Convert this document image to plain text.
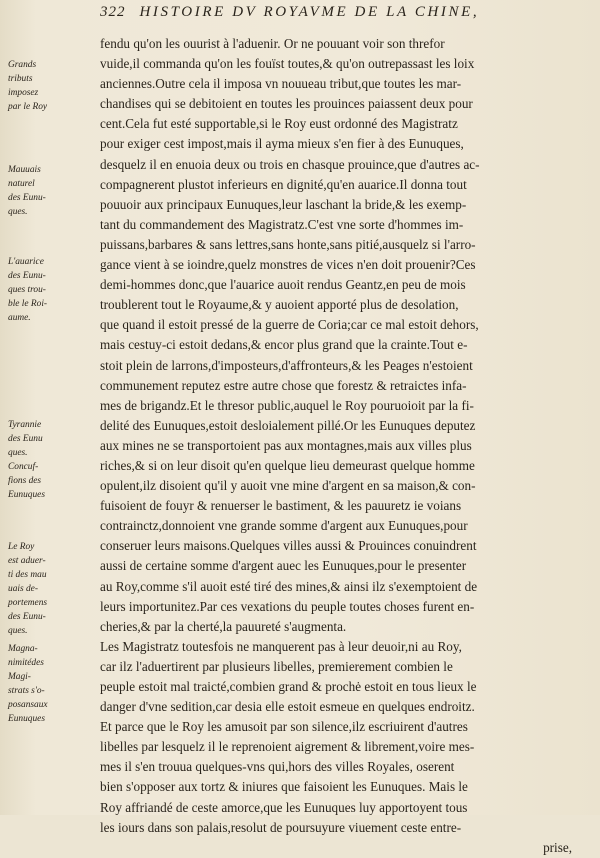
322 HISTOIRE DV ROYAVME DE LA CHINE,
Grands
tributs
imposez
par le Roy
Mauuais
naturel
des Eunu-
ques.
L'auarice
des Eunu-
ques trou-
ble le Roi-
aume.
Tyrannie
des Eunu
ques.
Concuf-
fions des
Eunuques
Le Roy
est aduer-
ti des mau
uais de-
portemens
des Eunu-
ques.
Magna-
nimitédes
Magi-
strats s'o-
posansaux
Eunuques
fendu qu'on les ouurist à l'aduenir. Or ne pouuant voir son threfor
vuide,il commanda qu'on les fouïst toutes,& qu'on outrepassast les loix
anciennes.Outre cela il imposa vn nouueau tribut,que toutes les mar-
chandises qui se debitoient en toutes les prouinces paiassent deux pour
cent.Cela fut esté supportable,si le Roy eust ordonné des Magistratz
pour exiger cest impost,mais il ayma mieux s'en fier à des Eunuques,
desquelz il en enuoia deux ou trois en chasque prouince,que d'autres ac-
compagnerent plustot inferieurs en dignité,qu'en auarice.Il donna tout
pouuoir aux principaux Eunuques,leur laschant la bride,& les exemp-
tant du commandement des Magistratz.C'est vne sorte d'hommes im-
puissans,barbares & sans lettres,sans honte,sans pitié,ausquelz si l'arro-
gance vient à se ioindre,quelz monstres de vices n'en doit prouenir?Ces
demi-hommes donc,que l'auarice auoit rendus Geantz,en peu de mois
troublerent tout le Royaume,& y auoient apporté plus de desolation,
que quand il estoit pressé de la guerre de Coria;car ce mal estoit dehors,
mais cestuy-ci estoit dedans,& encor plus grand que la crainte.Tout e-
stoit plein de larrons,d'imposteurs,d'affronteurs,& les Peages n'estoient
communement reputez estre autre chose que forestz & retraictes infa-
mes de brigandz.Et le thresor public,auquel le Roy pouruoioit par la fi-
delité des Eunuques,estoit desloialement pillé.Or les Eunuques deputez
aux mines ne se transportoient pas aux montagnes,mais aux villes plus
riches,& si on leur disoit qu'en quelque lieu demeurast quelque homme
opulent,ilz disoient qu'il y auoit vne mine d'argent en sa maison,& con-
fuisoient de fouyr & renuerser le bastiment, & les pauuretz ie voians
contrainctz,donnoient vne grande somme d'argent aux Eunuques,pour
conseruer leurs maisons.Quelques villes aussi & Prouinces conuindrent
aussi de certaine somme d'argent auec les Eunuques,pour le presenter
au Roy,comme s'il auoit esté tiré des mines,& ainsi ilz s'exemptoient de
leurs importunitez.Par ces vexations du peuple toutes choses furent en-
cheries,& par la cherté,la pauureté s'augmenta.
Les Magistratz toutesfois ne manquerent pas à leur deuoir,ni au Roy,
car ilz l'aduertirent par plusieurs libelles, premierement combien le
peuple estoit mal traicté,combien grand & prochė estoit en tous lieux le
danger d'vne sedition,car desia elle estoit esmeue en quelques endroitz.
Et parce que le Roy les amusoit par son silence,ilz escriuirent d'autres
libelles par lesquelz il le reprenoient aigrement & librement,voire mes-
mes il s'en trouua quelques-vns qui,hors des villes Royales, oserent
bien s'opposer aux tortz & iniures que faisoient les Eunuques. Mais le
Roy affriandé de ceste amorce,que les Eunuques luy apportoyent tous
les iours dans son palais,resolut de poursuyure viuement ceste entre-
prise,
